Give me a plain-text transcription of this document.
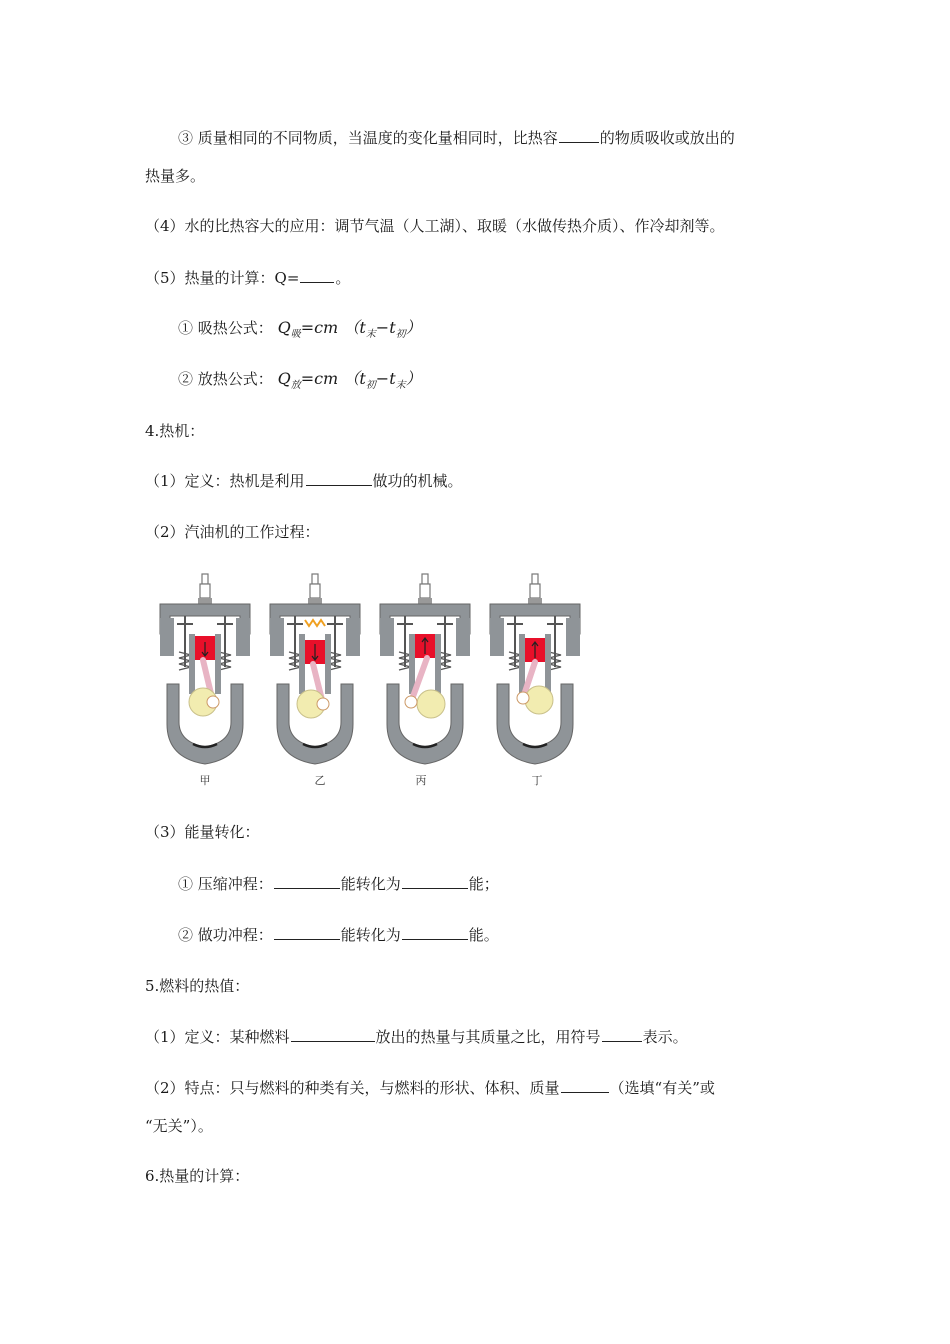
③ 质量相同的不同物质，当温度的变化量相同时，比热容	的物质吸收或放出的
热量多。
（4）水的比热容大的应用：调节气温（人工湖）、取暖（水做传热介质）、作冷却剂等。
（5）热量的计算：Q= 。
① 吸热公式： $Q_吸=cm$ $(t_末-t_初)$
② 放热公式： $Q_放=cm$ $(t_初-t_末)$
4.热机：
（1）定义：热机是利用	做功的机械。
（2）汽油机的工作过程：
甲	乙	丙	丁
（3）能量转化：
① 压缩冲程：	能转化为	能；
② 做功冲程：	能转化为	能。
5.燃料的热值：
（1）定义：某种燃料	放出的热量与其质量之比，用符号	表示。
（2）特点：只与燃料的种类有关，与燃料的形状、体积、质量	（选填“有关”或
“无关”）。
6.热量的计算：
